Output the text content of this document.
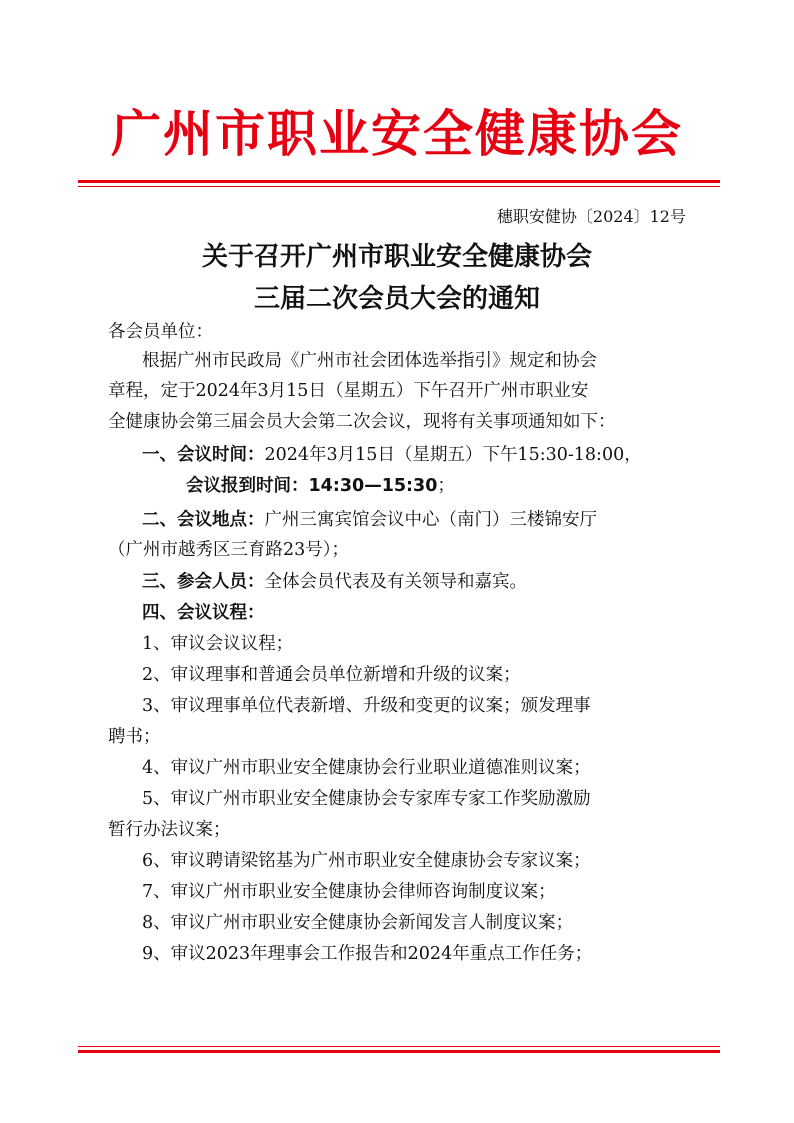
广州市职业安全健康协会
穗职安健协〔2024〕12号
关于召开广州市职业安全健康协会
三届二次会员大会的通知
各会员单位：
根据广州市民政局《广州市社会团体选举指引》规定和协会
章程，定于2024年3月15日（星期五）下午召开广州市职业安
全健康协会第三届会员大会第二次会议，现将有关事项通知如下：
一、会议时间：2024年3月15日（星期五）下午15:30-18:00，
会议报到时间：14:30—15:30；
二、会议地点：广州三寓宾馆会议中心（南门）三楼锦安厅
（广州市越秀区三育路23号）；
三、参会人员：全体会员代表及有关领导和嘉宾。
四、会议议程：
1、审议会议议程；
2、审议理事和普通会员单位新增和升级的议案；
3、审议理事单位代表新增、升级和变更的议案；颁发理事
聘书；
4、审议广州市职业安全健康协会行业职业道德准则议案；
5、审议广州市职业安全健康协会专家库专家工作奖励激励
暂行办法议案；
6、审议聘请梁铭基为广州市职业安全健康协会专家议案；
7、审议广州市职业安全健康协会律师咨询制度议案；
8、审议广州市职业安全健康协会新闻发言人制度议案；
9、审议2023年理事会工作报告和2024年重点工作任务；
